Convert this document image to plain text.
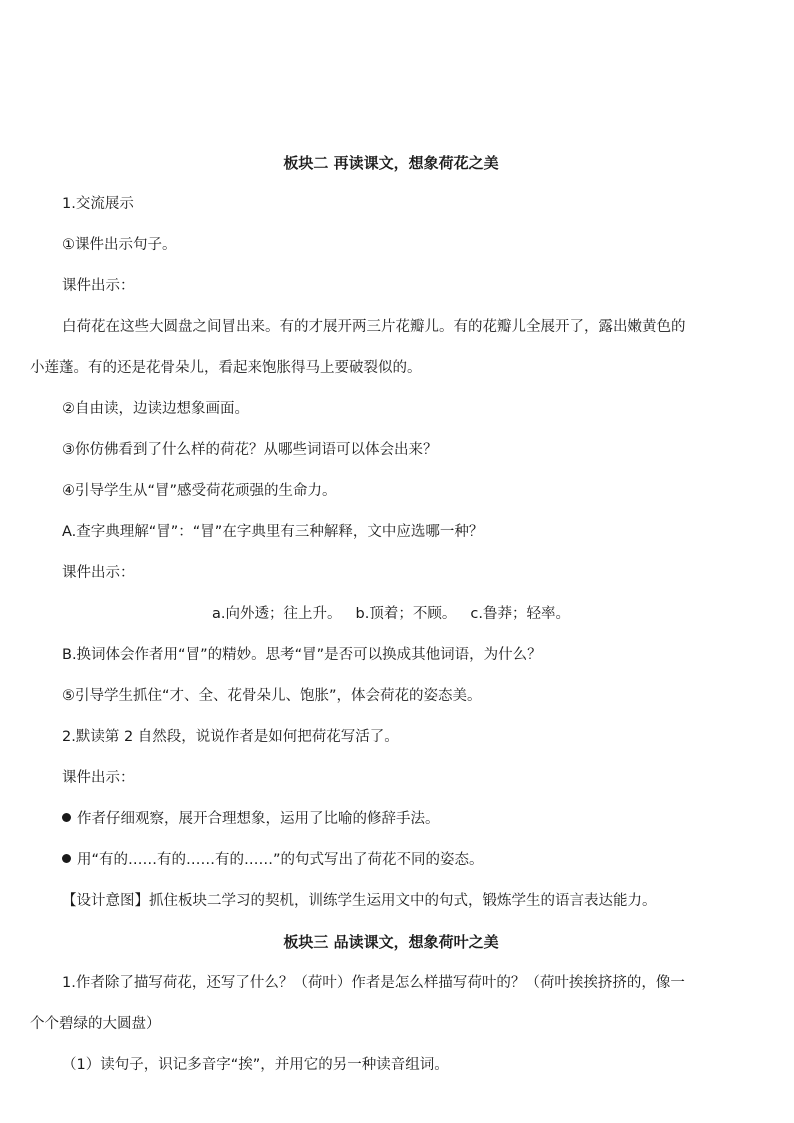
板块二 再读课文，想象荷花之美
1.交流展示
①课件出示句子。
课件出示：
白荷花在这些大圆盘之间冒出来。有的才展开两三片花瓣儿。有的花瓣儿全展开了，露出嫩黄色的
小莲蓬。有的还是花骨朵儿，看起来饱胀得马上要破裂似的。
②自由读，边读边想象画面。
③你仿佛看到了什么样的荷花？从哪些词语可以体会出来？
④引导学生从“冒”感受荷花顽强的生命力。
A.查字典理解“冒”：“冒”在字典里有三种解释，文中应选哪一种？
课件出示：
a.向外透；往上升。 b.顶着；不顾。 c.鲁莽；轻率。
B.换词体会作者用“冒”的精妙。思考“冒”是否可以换成其他词语，为什么？
⑤引导学生抓住“才、全、花骨朵儿、饱胀”，体会荷花的姿态美。
2.默读第 2 自然段，说说作者是如何把荷花写活了。
课件出示：
作者仔细观察，展开合理想象，运用了比喻的修辞手法。
用“有的……有的……有的……”的句式写出了荷花不同的姿态。
【设计意图】抓住板块二学习的契机，训练学生运用文中的句式，锻炼学生的语言表达能力。
板块三 品读课文，想象荷叶之美
1.作者除了描写荷花，还写了什么？（荷叶）作者是怎么样描写荷叶的？（荷叶挨挨挤挤的，像一
个个碧绿的大圆盘）
（1）读句子，识记多音字“挨”，并用它的另一种读音组词。
